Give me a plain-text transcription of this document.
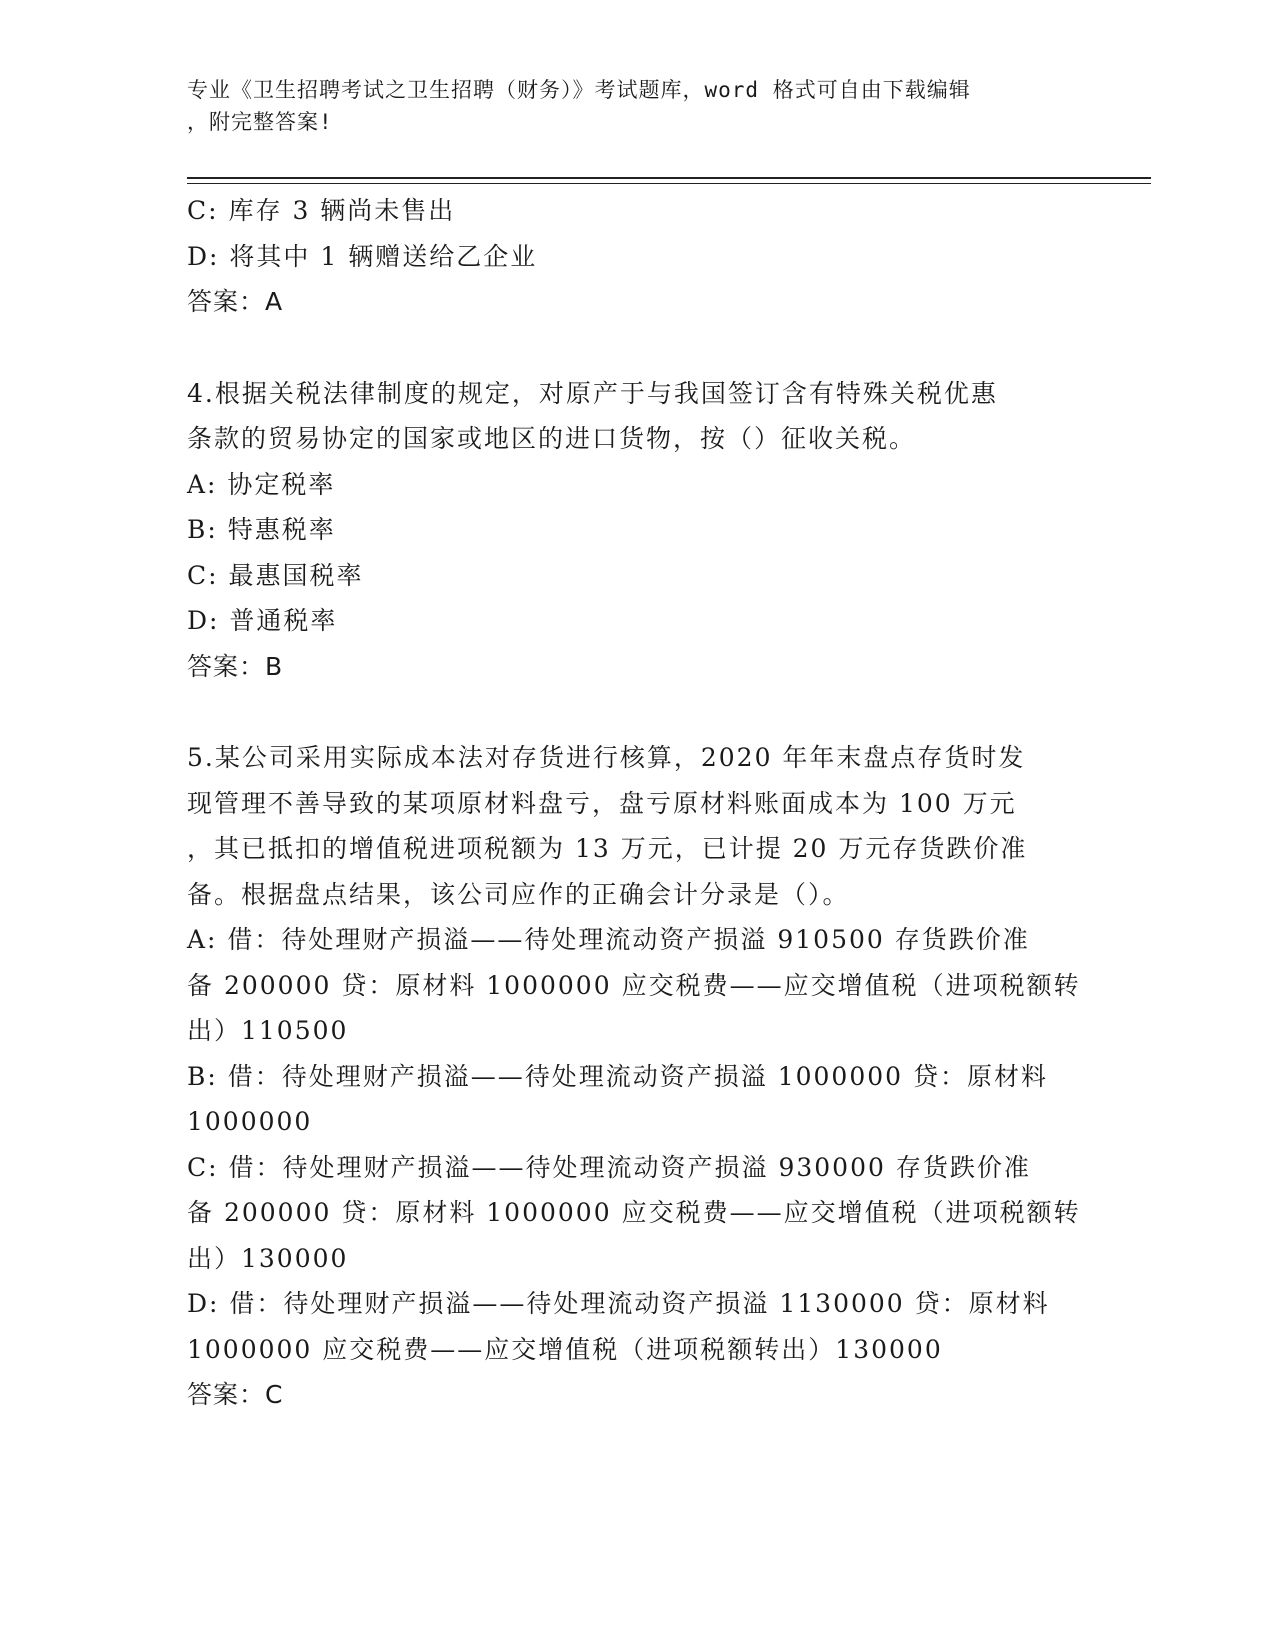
专业《卫生招聘考试之卫生招聘（财务）》考试题库，word 格式可自由下载编辑
，附完整答案!
C: 库存 3 辆尚未售出
D: 将其中 1 辆赠送给乙企业
答案：A
4.根据关税法律制度的规定，对原产于与我国签订含有特殊关税优惠
条款的贸易协定的国家或地区的进口货物，按（）征收关税。
A: 协定税率
B: 特惠税率
C: 最惠国税率
D: 普通税率
答案：B
5.某公司采用实际成本法对存货进行核算，2020 年年末盘点存货时发
现管理不善导致的某项原材料盘亏，盘亏原材料账面成本为 100 万元
，其已抵扣的增值税进项税额为 13 万元，已计提 20 万元存货跌价准
备。根据盘点结果，该公司应作的正确会计分录是（）。
A: 借：待处理财产损溢——待处理流动资产损溢 910500 存货跌价准
备 200000 贷：原材料 1000000 应交税费——应交增值税（进项税额转
出）110500
B: 借：待处理财产损溢——待处理流动资产损溢 1000000 贷：原材料
1000000
C: 借：待处理财产损溢——待处理流动资产损溢 930000 存货跌价准
备 200000 贷：原材料 1000000 应交税费——应交增值税（进项税额转
出）130000
D: 借：待处理财产损溢——待处理流动资产损溢 1130000 贷：原材料
1000000 应交税费——应交增值税（进项税额转出）130000
答案：C
